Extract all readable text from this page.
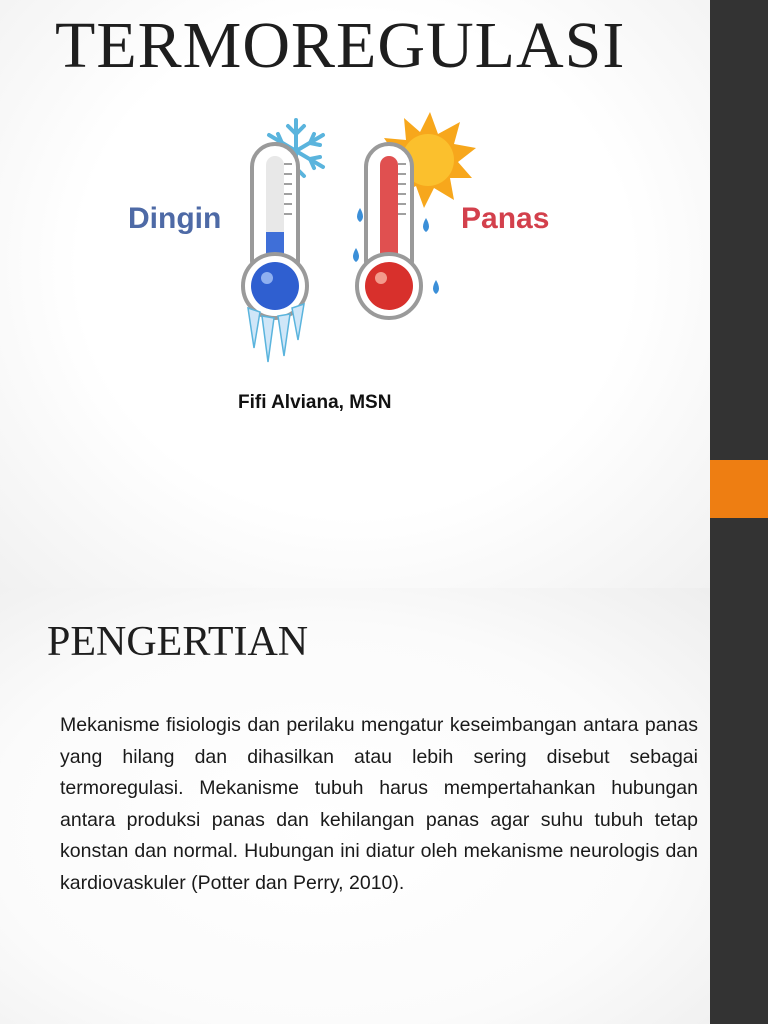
TERMOREGULASI

Dingin	Panas

Fifi Alviana, MSN

PENGERTIAN

Mekanisme fisiologis dan perilaku mengatur keseimbangan antara panas yang hilang dan dihasilkan atau lebih sering disebut sebagai termoregulasi. Mekanisme tubuh harus mempertahankan hubungan antara produksi panas dan kehilangan panas agar suhu tubuh tetap konstan dan normal. Hubungan ini diatur oleh mekanisme neurologis dan kardiovaskuler (Potter dan Perry, 2010).
